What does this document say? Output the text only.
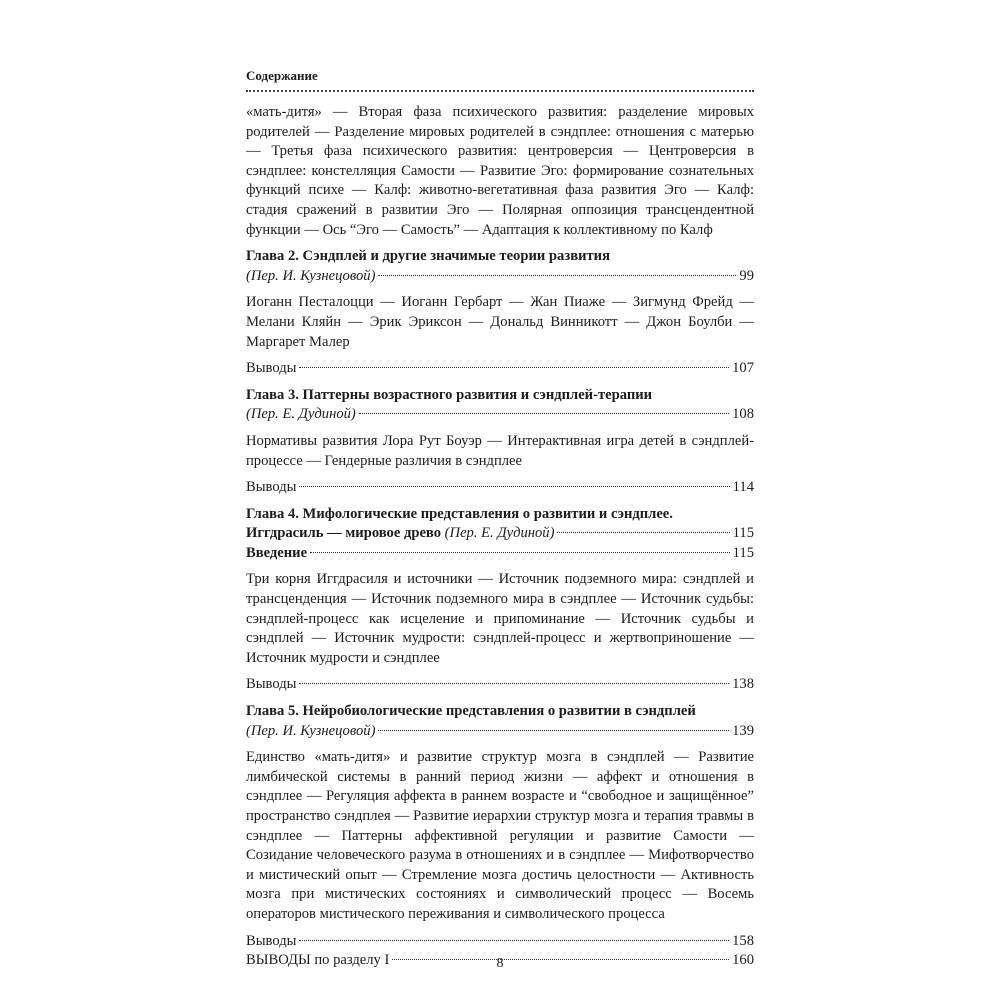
Содержание

«мать-дитя» — Вторая фаза психического развития: разделение мировых родителей — Разделение мировых родителей в сэндплее: отношения с матерью — Третья фаза психического развития: центроверсия — Центроверсия в сэндплее: констелляция Самости — Развитие Эго: формирование сознательных функций психе — Калф: животно-вегетативная фаза развития Эго — Калф: стадия сражений в развитии Эго — Полярная оппозиция трансцендентной функции — Ось “Эго — Самость” — Адаптация к коллективному по Калф

Глава 2. Сэндплей и другие значимые теории развития

(Пер. И. Кузнецовой)	99

Иоганн Песталоцци — Иоганн Гербарт — Жан Пиаже — Зигмунд Фрейд — Мелани Кляйн — Эрик Эриксон — Дональд Винникотт — Джон Боулби — Маргарет Малер

Выводы	107

Глава 3. Паттерны возрастного развития и сэндплей-терапии

(Пер. Е. Дудиной)	108

Нормативы развития Лора Рут Боуэр — Интерактивная игра детей в сэндплей-процессе — Гендерные различия в сэндплее

Выводы	114

Глава 4. Мифологические представления о развитии и сэндплее.

Иггдрасиль — мировое древо (Пер. Е. Дудиной)	115
Введение	115

Три корня Иггдрасиля и источники — Источник подземного мира: сэндплей и трансценденция — Источник подземного мира в сэндплее — Источник судьбы: сэндплей-процесс как исцеление и припоминание — Источник судьбы и сэндплей — Источник мудрости: сэндплей-процесс и жертвоприношение — Источник мудрости и сэндплее

Выводы	138

Глава 5. Нейробиологические представления о развитии в сэндплей

(Пер. И. Кузнецовой)	139

Единство «мать-дитя» и развитие структур мозга в сэндплей — Развитие лимбической системы в ранний период жизни — аффект и отношения в сэндплее — Регуляция аффекта в раннем возрасте и “свободное и защищённое” пространство сэндплея — Развитие иерархии структур мозга и терапия травмы в сэндплее — Паттерны аффективной регуляции и развитие Самости — Созидание человеческого разума в отношениях и в сэндплее — Мифотворчество и мистический опыт — Стремление мозга достичь целостности — Активность мозга при мистических состояниях и символический процесс — Восемь операторов мистического переживания и символического процесса

Выводы	158
ВЫВОДЫ по разделу I	160
8
